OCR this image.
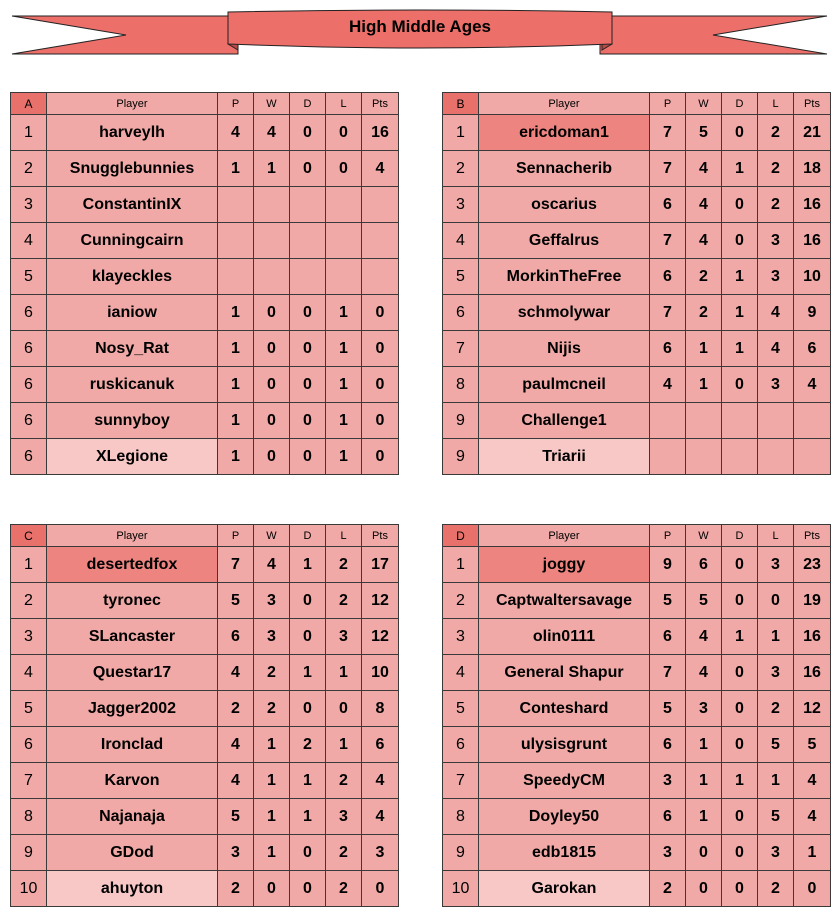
High Middle Ages
A	Player	P	W	D	L	Pts
1	harveylh	4	4	0	0	16
2	Snugglebunnies	1	1	0	0	4
3	ConstantinIX					
4	Cunningcairn					
5	klayeckles					
6	ianiow	1	0	0	1	0
6	Nosy_Rat	1	0	0	1	0
6	ruskicanuk	1	0	0	1	0
6	sunnyboy	1	0	0	1	0
6	XLegione	1	0	0	1	0
B	Player	P	W	D	L	Pts
1	ericdoman1	7	5	0	2	21
2	Sennacherib	7	4	1	2	18
3	oscarius	6	4	0	2	16
4	Geffalrus	7	4	0	3	16
5	MorkinTheFree	6	2	1	3	10
6	schmolywar	7	2	1	4	9
7	Nijis	6	1	1	4	6
8	paulmcneil	4	1	0	3	4
9	Challenge1					
9	Triarii					
C	Player	P	W	D	L	Pts
1	desertedfox	7	4	1	2	17
2	tyronec	5	3	0	2	12
3	SLancaster	6	3	0	3	12
4	Questar17	4	2	1	1	10
5	Jagger2002	2	2	0	0	8
6	Ironclad	4	1	2	1	6
7	Karvon	4	1	1	2	4
8	Najanaja	5	1	1	3	4
9	GDod	3	1	0	2	3
10	ahuyton	2	0	0	2	0
D	Player	P	W	D	L	Pts
1	joggy	9	6	0	3	23
2	Captwaltersavage	5	5	0	0	19
3	olin0111	6	4	1	1	16
4	General Shapur	7	4	0	3	16
5	Conteshard	5	3	0	2	12
6	ulysisgrunt	6	1	0	5	5
7	SpeedyCM	3	1	1	1	4
8	Doyley50	6	1	0	5	4
9	edb1815	3	0	0	3	1
10	Garokan	2	0	0	2	0
